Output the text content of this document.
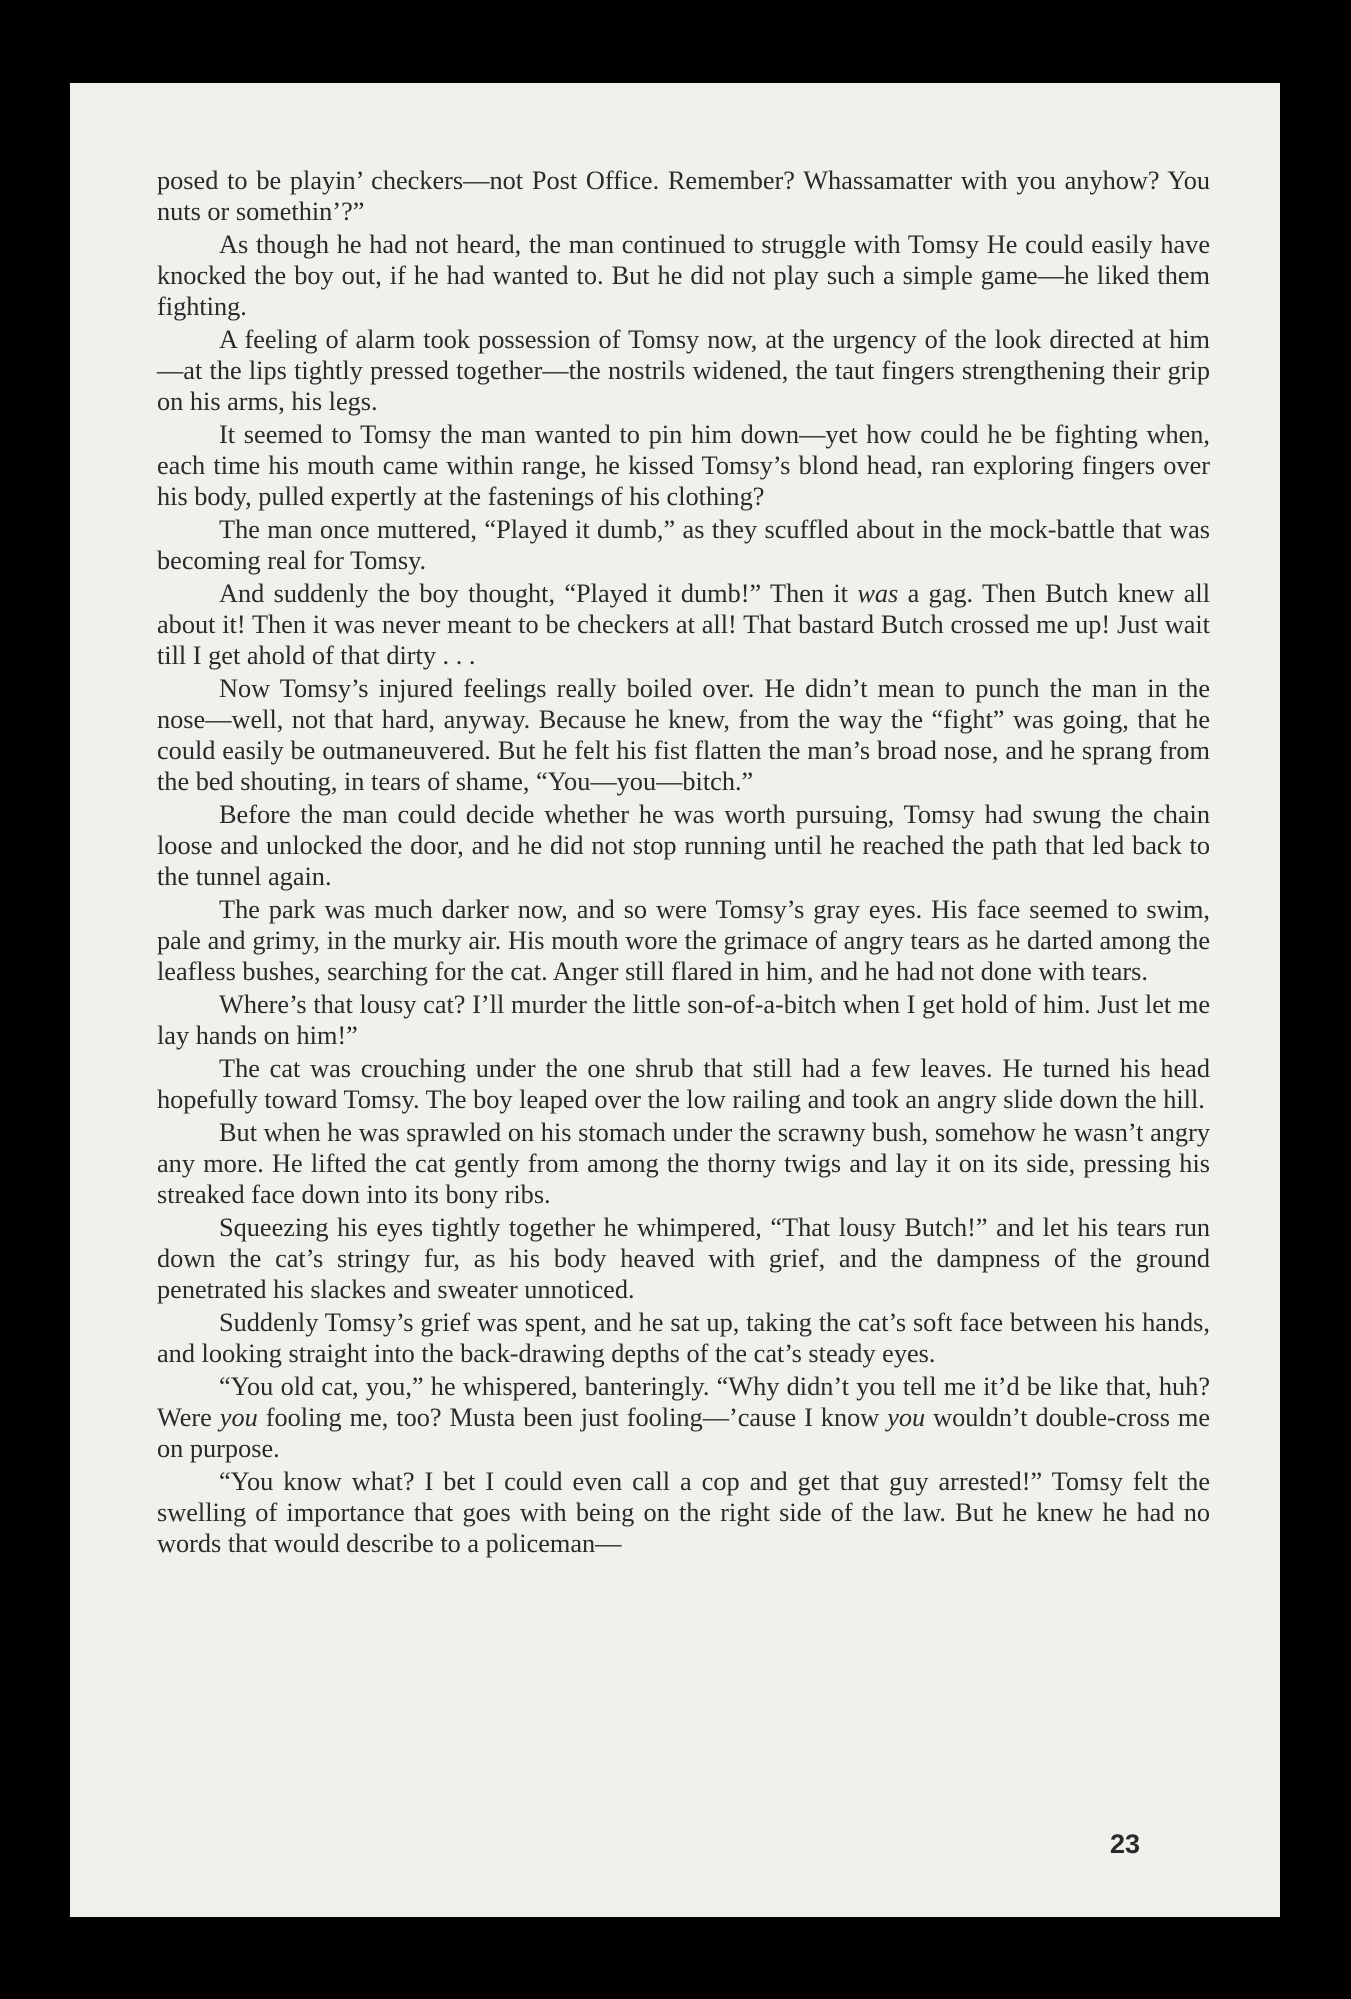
posed to be playin’ checkers—not Post Office. Remember? Whassamatter with you anyhow? You nuts or somethin’?”

As though he had not heard, the man continued to struggle with Tomsy He could easily have knocked the boy out, if he had wanted to. But he did not play such a simple game—he liked them fighting.

A feeling of alarm took possession of Tomsy now, at the urgency of the look directed at him—at the lips tightly pressed together—the nostrils widened, the taut fingers strengthening their grip on his arms, his legs.

It seemed to Tomsy the man wanted to pin him down—yet how could he be fighting when, each time his mouth came within range, he kissed Tomsy’s blond head, ran exploring fingers over his body, pulled expertly at the fastenings of his clothing?

The man once muttered, “Played it dumb,” as they scuffled about in the mock-battle that was becoming real for Tomsy.

And suddenly the boy thought, “Played it dumb!” Then it was a gag. Then Butch knew all about it! Then it was never meant to be checkers at all! That bastard Butch crossed me up! Just wait till I get ahold of that dirty . . .

Now Tomsy’s injured feelings really boiled over. He didn’t mean to punch the man in the nose—well, not that hard, anyway. Because he knew, from the way the “fight” was going, that he could easily be outmaneuvered. But he felt his fist flatten the man’s broad nose, and he sprang from the bed shouting, in tears of shame, “You—you—bitch.”

Before the man could decide whether he was worth pursuing, Tomsy had swung the chain loose and unlocked the door, and he did not stop running until he reached the path that led back to the tunnel again.

The park was much darker now, and so were Tomsy’s gray eyes. His face seemed to swim, pale and grimy, in the murky air. His mouth wore the grimace of angry tears as he darted among the leafless bushes, searching for the cat. Anger still flared in him, and he had not done with tears.

Where’s that lousy cat? I’ll murder the little son-of-a-bitch when I get hold of him. Just let me lay hands on him!”

The cat was crouching under the one shrub that still had a few leaves. He turned his head hopefully toward Tomsy. The boy leaped over the low railing and took an angry slide down the hill.

But when he was sprawled on his stomach under the scrawny bush, somehow he wasn’t angry any more. He lifted the cat gently from among the thorny twigs and lay it on its side, pressing his streaked face down into its bony ribs.

Squeezing his eyes tightly together he whimpered, “That lousy Butch!” and let his tears run down the cat’s stringy fur, as his body heaved with grief, and the dampness of the ground penetrated his slackes and sweater unnoticed.

Suddenly Tomsy’s grief was spent, and he sat up, taking the cat’s soft face between his hands, and looking straight into the back-drawing depths of the cat’s steady eyes.

“You old cat, you,” he whispered, banteringly. “Why didn’t you tell me it’d be like that, huh? Were you fooling me, too? Musta been just fooling—’cause I know you wouldn’t double-cross me on purpose.

“You know what? I bet I could even call a cop and get that guy arrested!” Tomsy felt the swelling of importance that goes with being on the right side of the law. But he knew he had no words that would describe to a policeman—

23
